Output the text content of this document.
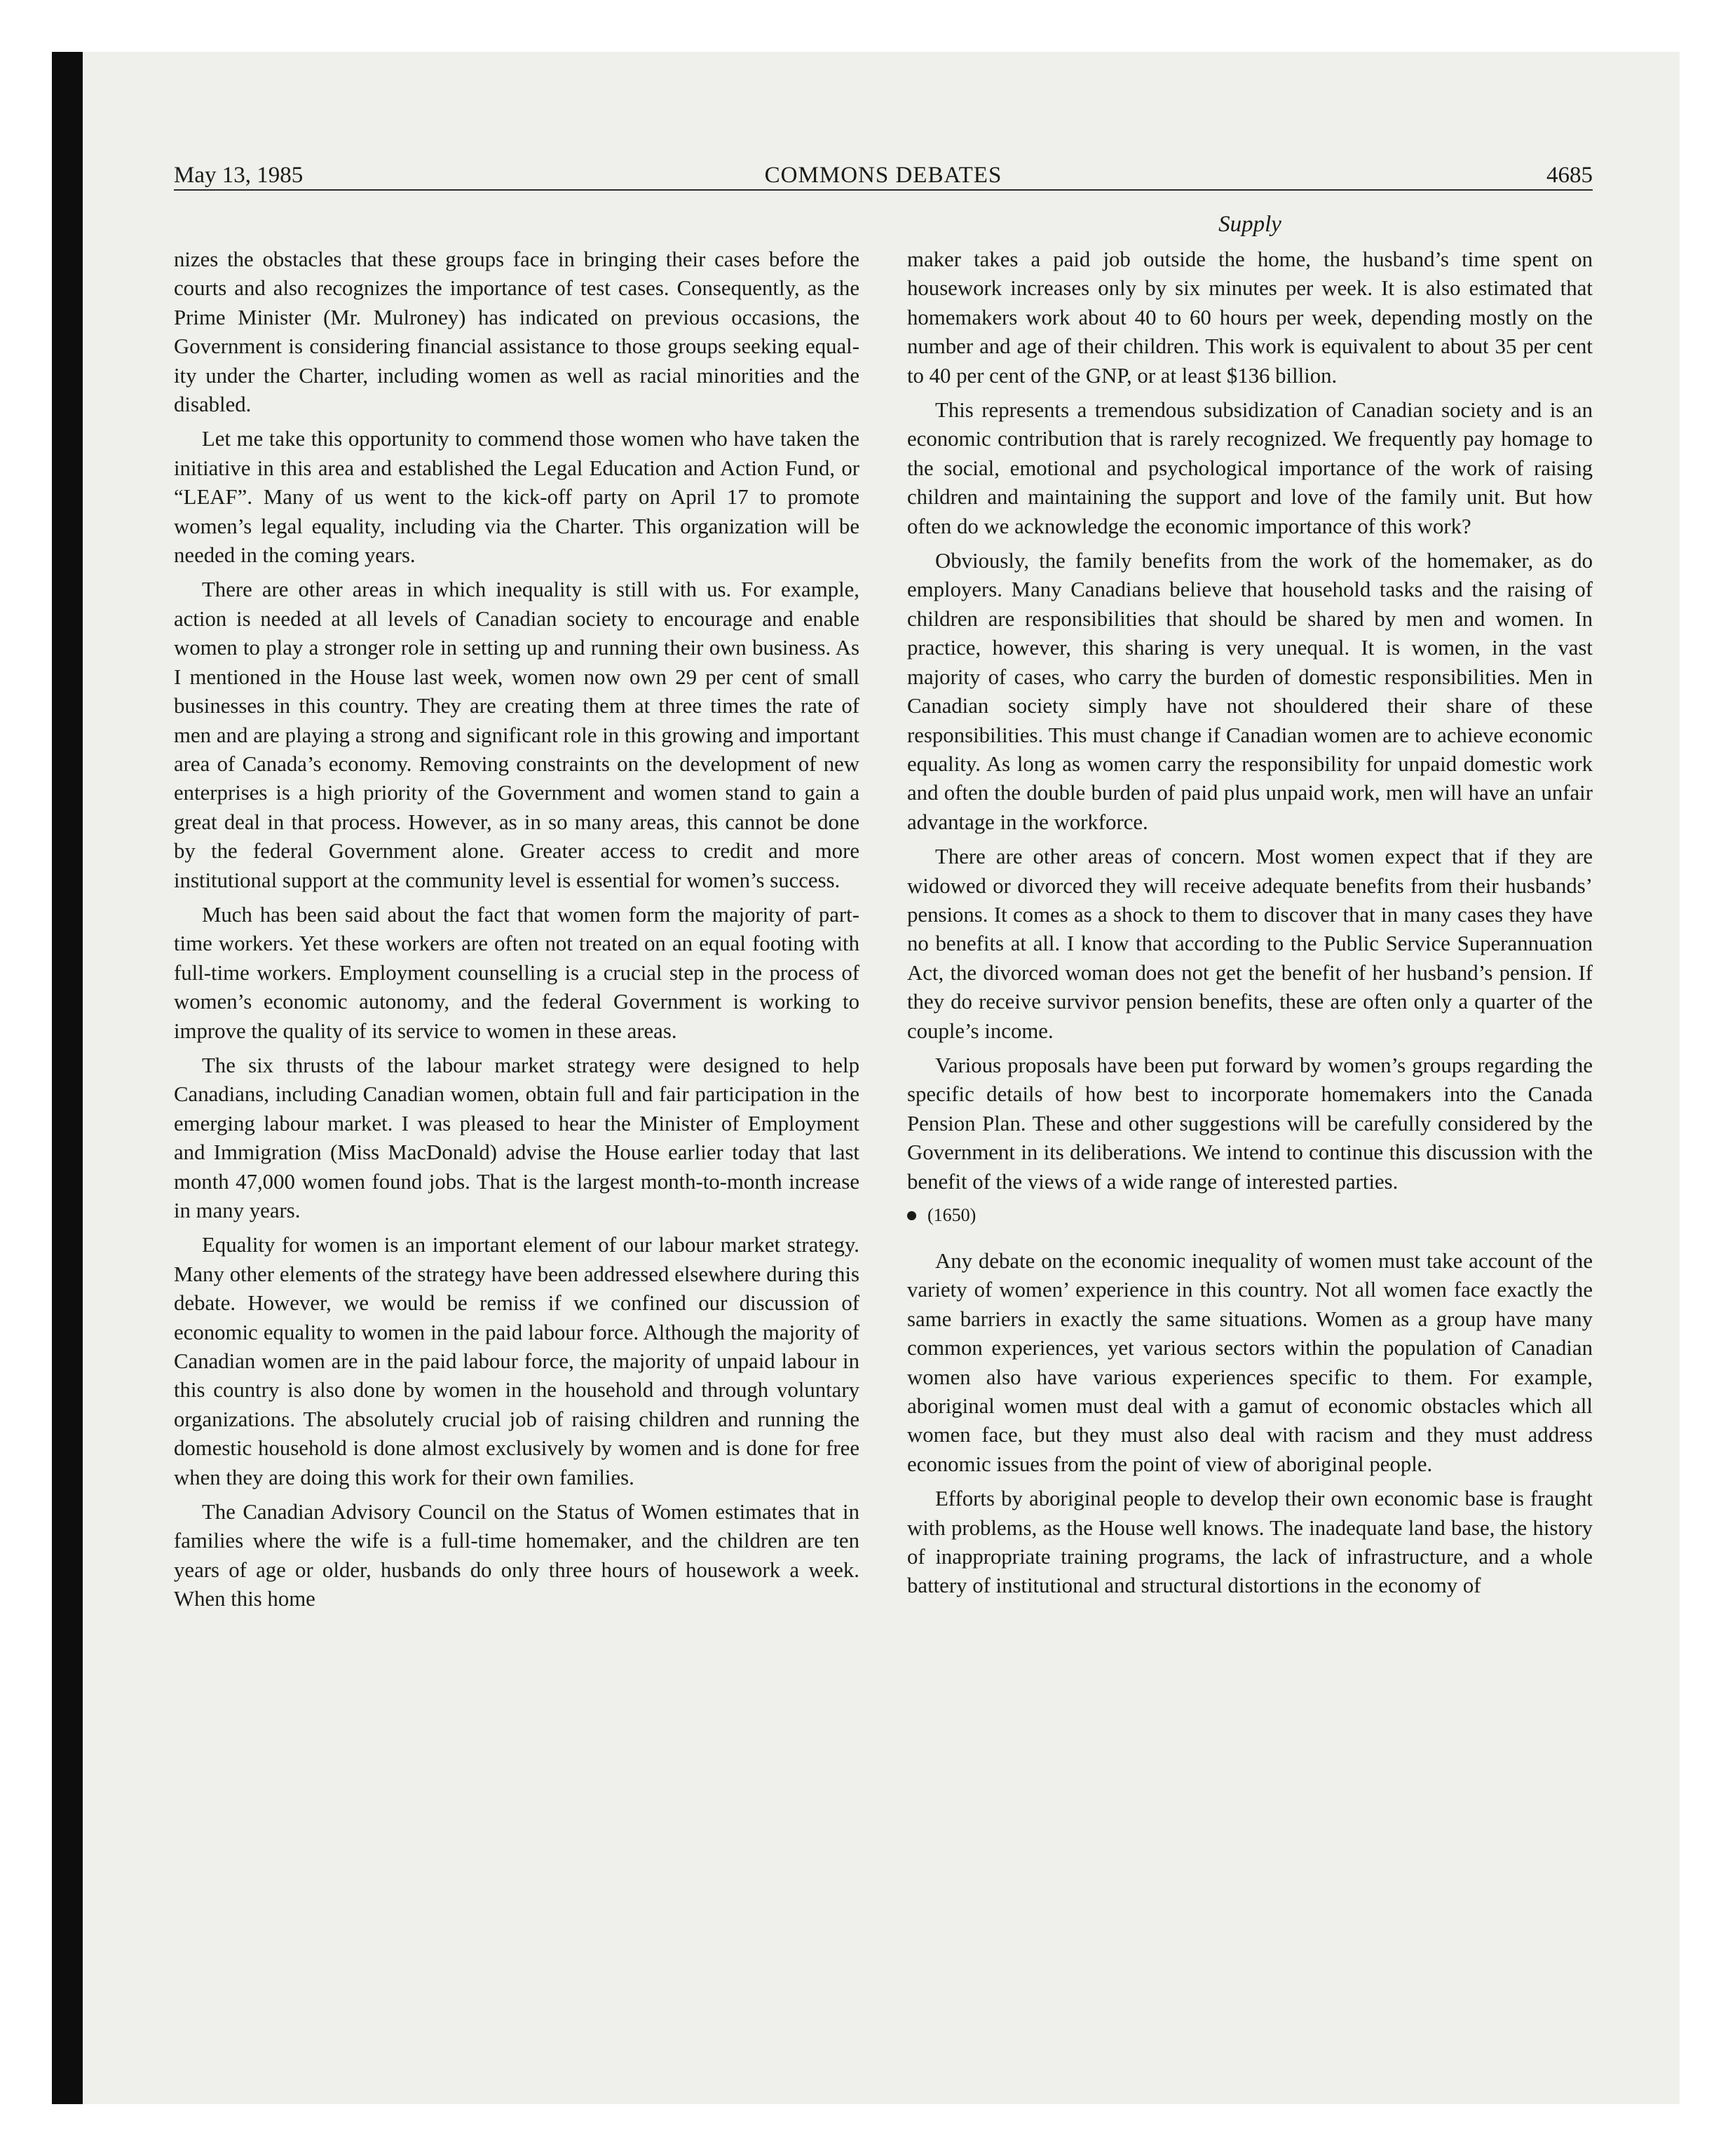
May 13, 1985	COMMONS DEBATES	4685
Supply

nizes the obstacles that these groups face in bringing their cases before the courts and also recognizes the importance of test cases. Consequently, as the Prime Minister (Mr. Mulroney) has indicated on previous occasions, the Government is considering financial assistance to those groups seeking equality under the Charter, including women as well as racial minorities and the disabled.

Let me take this opportunity to commend those women who have taken the initiative in this area and established the Legal Education and Action Fund, or “LEAF”. Many of us went to the kick-off party on April 17 to promote women’s legal equality, including via the Charter. This organization will be needed in the coming years.

There are other areas in which inequality is still with us. For example, action is needed at all levels of Canadian society to encourage and enable women to play a stronger role in setting up and running their own business. As I mentioned in the House last week, women now own 29 per cent of small businesses in this country. They are creating them at three times the rate of men and are playing a strong and significant role in this growing and important area of Canada’s economy. Removing constraints on the development of new enterprises is a high priority of the Government and women stand to gain a great deal in that process. However, as in so many areas, this cannot be done by the federal Government alone. Greater access to credit and more institutional support at the community level is essential for women’s success.

Much has been said about the fact that women form the majority of part-time workers. Yet these workers are often not treated on an equal footing with full-time workers. Employment counselling is a crucial step in the process of women’s economic autonomy, and the federal Government is working to improve the quality of its service to women in these areas.

The six thrusts of the labour market strategy were designed to help Canadians, including Canadian women, obtain full and fair participation in the emerging labour market. I was pleased to hear the Minister of Employment and Immigration (Miss MacDonald) advise the House earlier today that last month 47,000 women found jobs. That is the largest month-to-month increase in many years.

Equality for women is an important element of our labour market strategy. Many other elements of the strategy have been addressed elsewhere during this debate. However, we would be remiss if we confined our discussion of economic equality to women in the paid labour force. Although the majority of Canadian women are in the paid labour force, the majority of unpaid labour in this country is also done by women in the household and through voluntary organizations. The absolutely crucial job of raising children and running the domestic household is done almost exclusively by women and is done for free when they are doing this work for their own families.

The Canadian Advisory Council on the Status of Women estimates that in families where the wife is a full-time homemaker, and the children are ten years of age or older, husbands do only three hours of housework a week. When this home

maker takes a paid job outside the home, the husband’s time spent on housework increases only by six minutes per week. It is also estimated that homemakers work about 40 to 60 hours per week, depending mostly on the number and age of their children. This work is equivalent to about 35 per cent to 40 per cent of the GNP, or at least $136 billion.

This represents a tremendous subsidization of Canadian society and is an economic contribution that is rarely recognized. We frequently pay homage to the social, emotional and psychological importance of the work of raising children and maintaining the support and love of the family unit. But how often do we acknowledge the economic importance of this work?

Obviously, the family benefits from the work of the homemaker, as do employers. Many Canadians believe that household tasks and the raising of children are responsibilities that should be shared by men and women. In practice, however, this sharing is very unequal. It is women, in the vast majority of cases, who carry the burden of domestic responsibilities. Men in Canadian society simply have not shouldered their share of these responsibilities. This must change if Canadian women are to achieve economic equality. As long as women carry the responsibility for unpaid domestic work and often the double burden of paid plus unpaid work, men will have an unfair advantage in the workforce.

There are other areas of concern. Most women expect that if they are widowed or divorced they will receive adequate benefits from their husbands’ pensions. It comes as a shock to them to discover that in many cases they have no benefits at all. I know that according to the Public Service Superannuation Act, the divorced woman does not get the benefit of her husband’s pension. If they do receive survivor pension benefits, these are often only a quarter of the couple’s income.

Various proposals have been put forward by women’s groups regarding the specific details of how best to incorporate homemakers into the Canada Pension Plan. These and other suggestions will be carefully considered by the Government in its deliberations. We intend to continue this discussion with the benefit of the views of a wide range of interested parties.

(1650)

Any debate on the economic inequality of women must take account of the variety of women’ experience in this country. Not all women face exactly the same barriers in exactly the same situations. Women as a group have many common experiences, yet various sectors within the population of Canadian women also have various experiences specific to them. For example, aboriginal women must deal with a gamut of economic obstacles which all women face, but they must also deal with racism and they must address economic issues from the point of view of aboriginal people.

Efforts by aboriginal people to develop their own economic base is fraught with problems, as the House well knows. The inadequate land base, the history of inappropriate training programs, the lack of infrastructure, and a whole battery of institutional and structural distortions in the economy of
